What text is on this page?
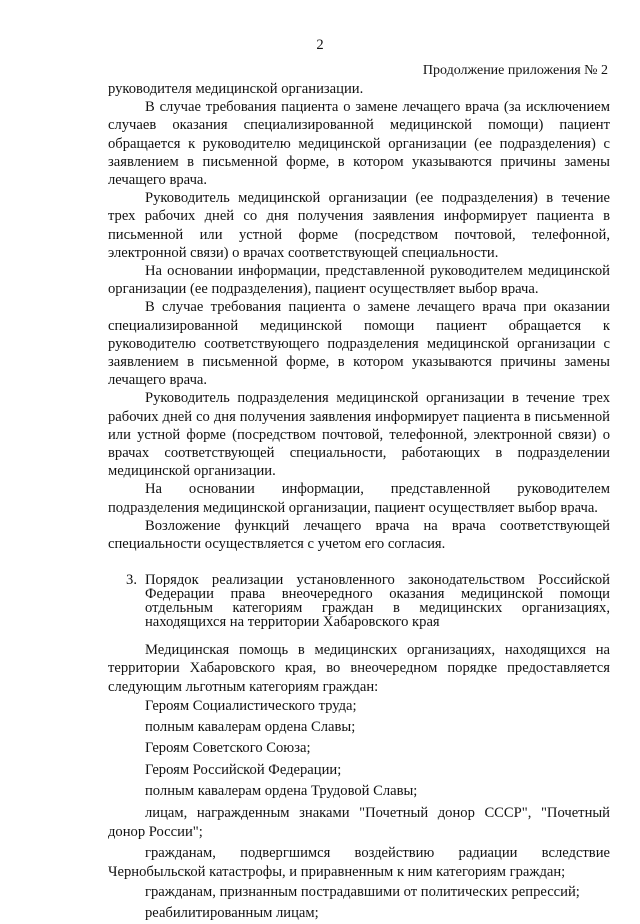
2
Продолжение приложения № 2

руководителя медицинской организации.

В случае требования пациента о замене лечащего врача (за исключением случаев оказания специализированной медицинской помощи) пациент обращается к руководителю медицинской организации (ее подразделения) с заявлением в письменной форме, в котором указываются причины замены лечащего врача.

Руководитель медицинской организации (ее подразделения) в течение трех рабочих дней со дня получения заявления информирует пациента в письменной или устной форме (посредством почтовой, телефонной, электронной связи) о врачах соответствующей специальности.

На основании информации, представленной руководителем медицинской организации (ее подразделения), пациент осуществляет выбор врача.

В случае требования пациента о замене лечащего врача при оказании специализированной медицинской помощи пациент обращается к руководителю соответствующего подразделения медицинской организации с заявлением в письменной форме, в котором указываются причины замены лечащего врача.

Руководитель подразделения медицинской организации в течение трех рабочих дней со дня получения заявления информирует пациента в письменной или устной форме (посредством почтовой, телефонной, электронной связи) о врачах соответствующей специальности, работающих в подразделении медицинской организации.

На основании информации, представленной руководителем подразделения медицинской организации, пациент осуществляет выбор врача.

Возложение функций лечащего врача на врача соответствующей специальности осуществляется с учетом его согласия.

3. Порядок реализации установленного законодательством Российской Федерации права внеочередного оказания медицинской помощи отдельным категориям граждан в медицинских организациях, находящихся на территории Хабаровского края

Медицинская помощь в медицинских организациях, находящихся на территории Хабаровского края, во внеочередном порядке предоставляется следующим льготным категориям граждан:

Героям Социалистического труда;

полным кавалерам ордена Славы;

Героям Советского Союза;

Героям Российской Федерации;

полным кавалерам ордена Трудовой Славы;

лицам, награжденным знаками "Почетный донор СССР", "Почетный донор России";

гражданам, подвергшимся воздействию радиации вследствие Чернобыльской катастрофы, и приравненным к ним категориям граждан;

гражданам, признанным пострадавшими от политических репрессий;

реабилитированным лицам;
